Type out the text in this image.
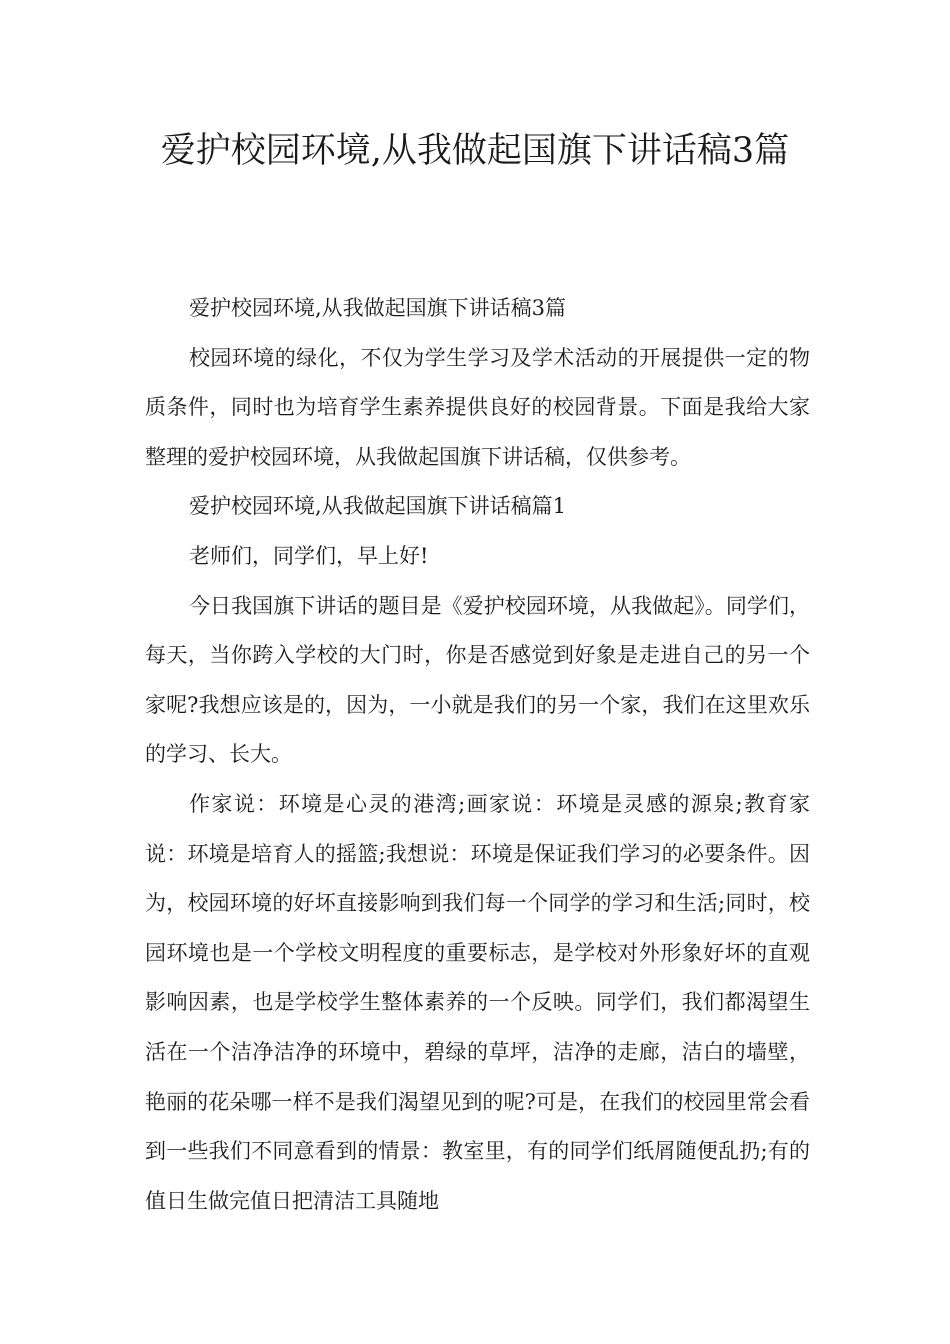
爱护校园环境,从我做起国旗下讲话稿3篇

爱护校园环境,从我做起国旗下讲话稿3篇

校园环境的绿化，不仅为学生学习及学术活动的开展提供一定的物质条件，同时也为培育学生素养提供良好的校园背景。下面是我给大家整理的爱护校园环境，从我做起国旗下讲话稿，仅供参考。

爱护校园环境,从我做起国旗下讲话稿篇1

老师们，同学们，早上好!

今日我国旗下讲话的题目是《爱护校园环境，从我做起》。同学们，每天，当你跨入学校的大门时，你是否感觉到好象是走进自己的另一个家呢?我想应该是的，因为，一小就是我们的另一个家，我们在这里欢乐的学习、长大。

作家说：环境是心灵的港湾;画家说：环境是灵感的源泉;教育家说：环境是培育人的摇篮;我想说：环境是保证我们学习的必要条件。因为，校园环境的好坏直接影响到我们每一个同学的学习和生活;同时，校园环境也是一个学校文明程度的重要标志，是学校对外形象好坏的直观影响因素，也是学校学生整体素养的一个反映。同学们，我们都渴望生活在一个洁净洁净的环境中，碧绿的草坪，洁净的走廊，洁白的墙壁，艳丽的花朵哪一样不是我们渴望见到的呢?可是，在我们的校园里常会看到一些我们不同意看到的情景：教室里，有的同学们纸屑随便乱扔;有的值日生做完值日把清洁工具随地
